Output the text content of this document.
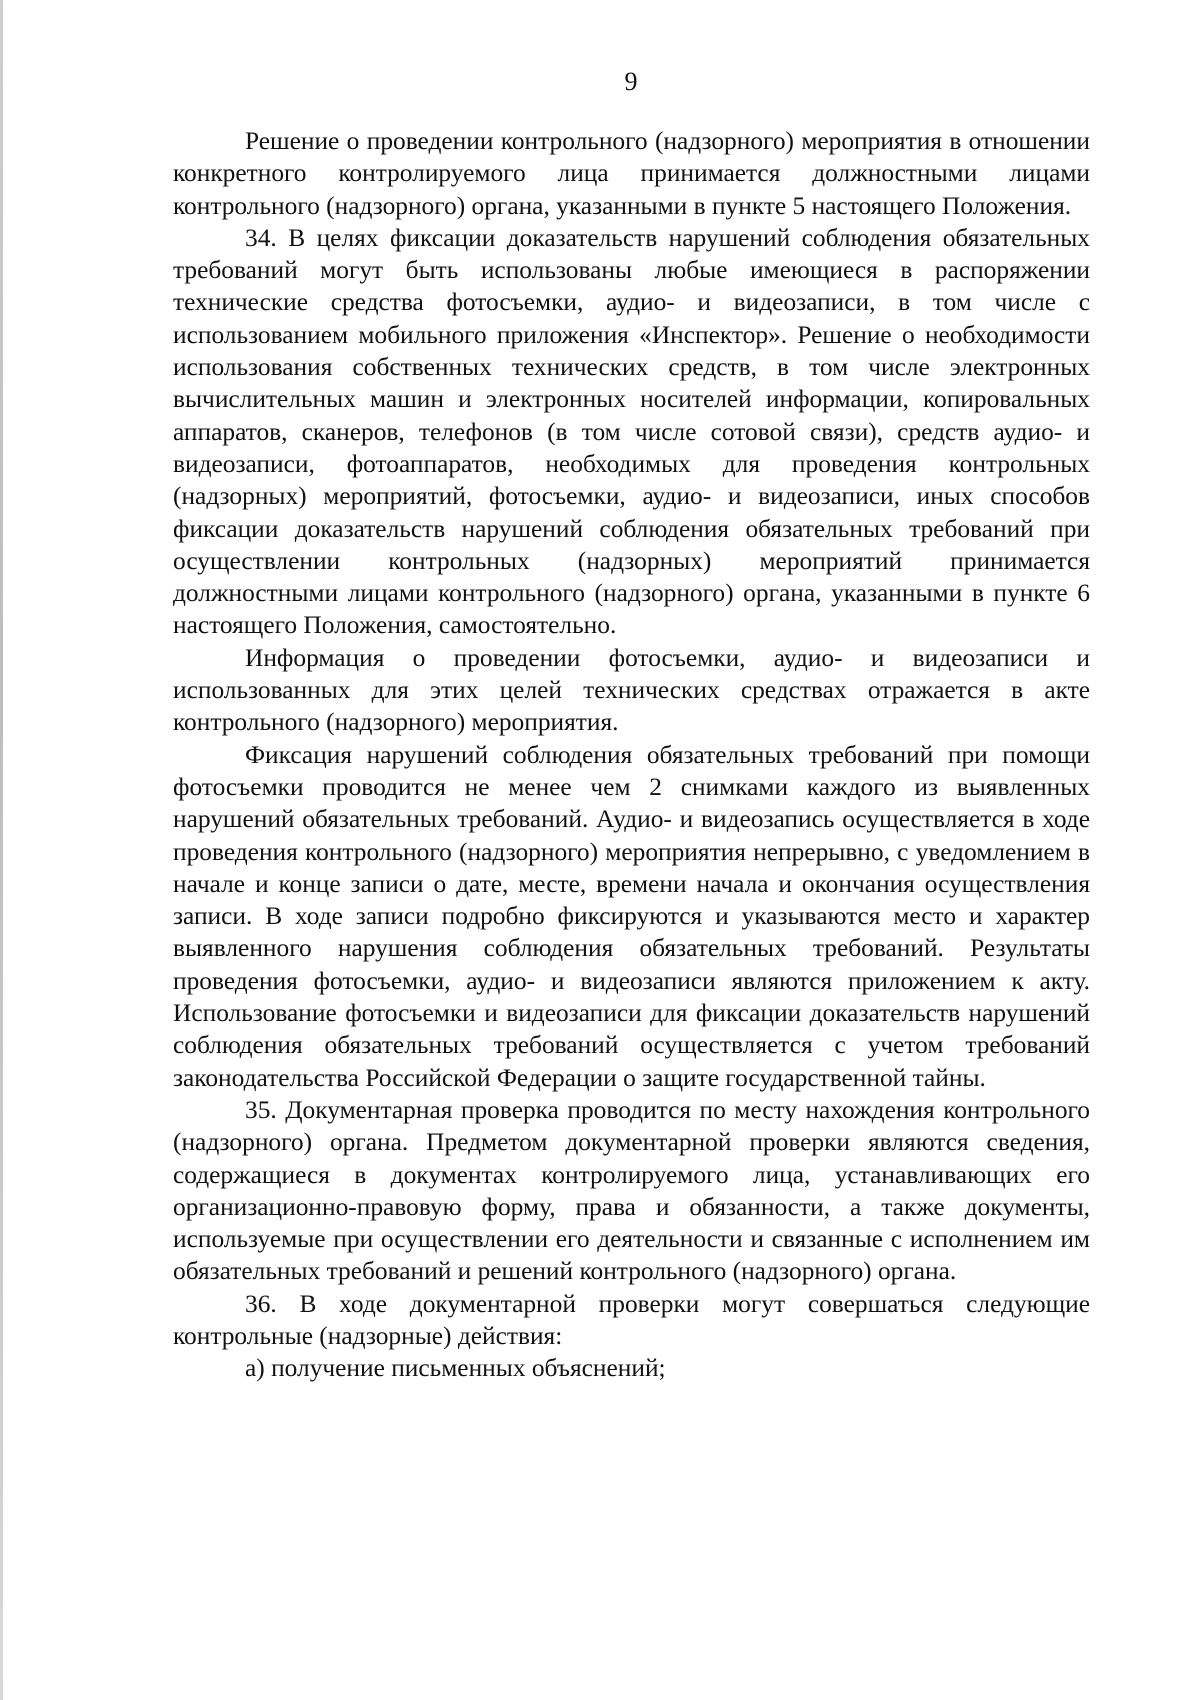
9

Решение о проведении контрольного (надзорного) мероприятия в отношении конкретного контролируемого лица принимается должностными лицами контрольного (надзорного) органа, указанными в пункте 5 настоящего Положения.

34. В целях фиксации доказательств нарушений соблюдения обязательных требований могут быть использованы любые имеющиеся в распоряжении технические средства фотосъемки, аудио- и видеозаписи, в том числе с использованием мобильного приложения «Инспектор». Решение о необходимости использования собственных технических средств, в том числе электронных вычислительных машин и электронных носителей информации, копировальных аппаратов, сканеров, телефонов (в том числе сотовой связи), средств аудио- и видеозаписи, фотоаппаратов, необходимых для проведения контрольных (надзорных) мероприятий, фотосъемки, аудио- и видеозаписи, иных способов фиксации доказательств нарушений соблюдения обязательных требований при осуществлении контрольных (надзорных) мероприятий принимается должностными лицами контрольного (надзорного) органа, указанными в пункте 6 настоящего Положения, самостоятельно.

Информация о проведении фотосъемки, аудио- и видеозаписи и использованных для этих целей технических средствах отражается в акте контрольного (надзорного) мероприятия.

Фиксация нарушений соблюдения обязательных требований при помощи фотосъемки проводится не менее чем 2 снимками каждого из выявленных нарушений обязательных требований. Аудио- и видеозапись осуществляется в ходе проведения контрольного (надзорного) мероприятия непрерывно, с уведомлением в начале и конце записи о дате, месте, времени начала и окончания осуществления записи. В ходе записи подробно фиксируются и указываются место и характер выявленного нарушения соблюдения обязательных требований. Результаты проведения фотосъемки, аудио- и видеозаписи являются приложением к акту. Использование фотосъемки и видеозаписи для фиксации доказательств нарушений соблюдения обязательных требований осуществляется с учетом требований законодательства Российской Федерации о защите государственной тайны.

35. Документарная проверка проводится по месту нахождения контрольного (надзорного) органа. Предметом документарной проверки являются сведения, содержащиеся в документах контролируемого лица, устанавливающих его организационно-правовую форму, права и обязанности, а также документы, используемые при осуществлении его деятельности и связанные с исполнением им обязательных требований и решений контрольного (надзорного) органа.

36. В ходе документарной проверки могут совершаться следующие контрольные (надзорные) действия:

а) получение письменных объяснений;
